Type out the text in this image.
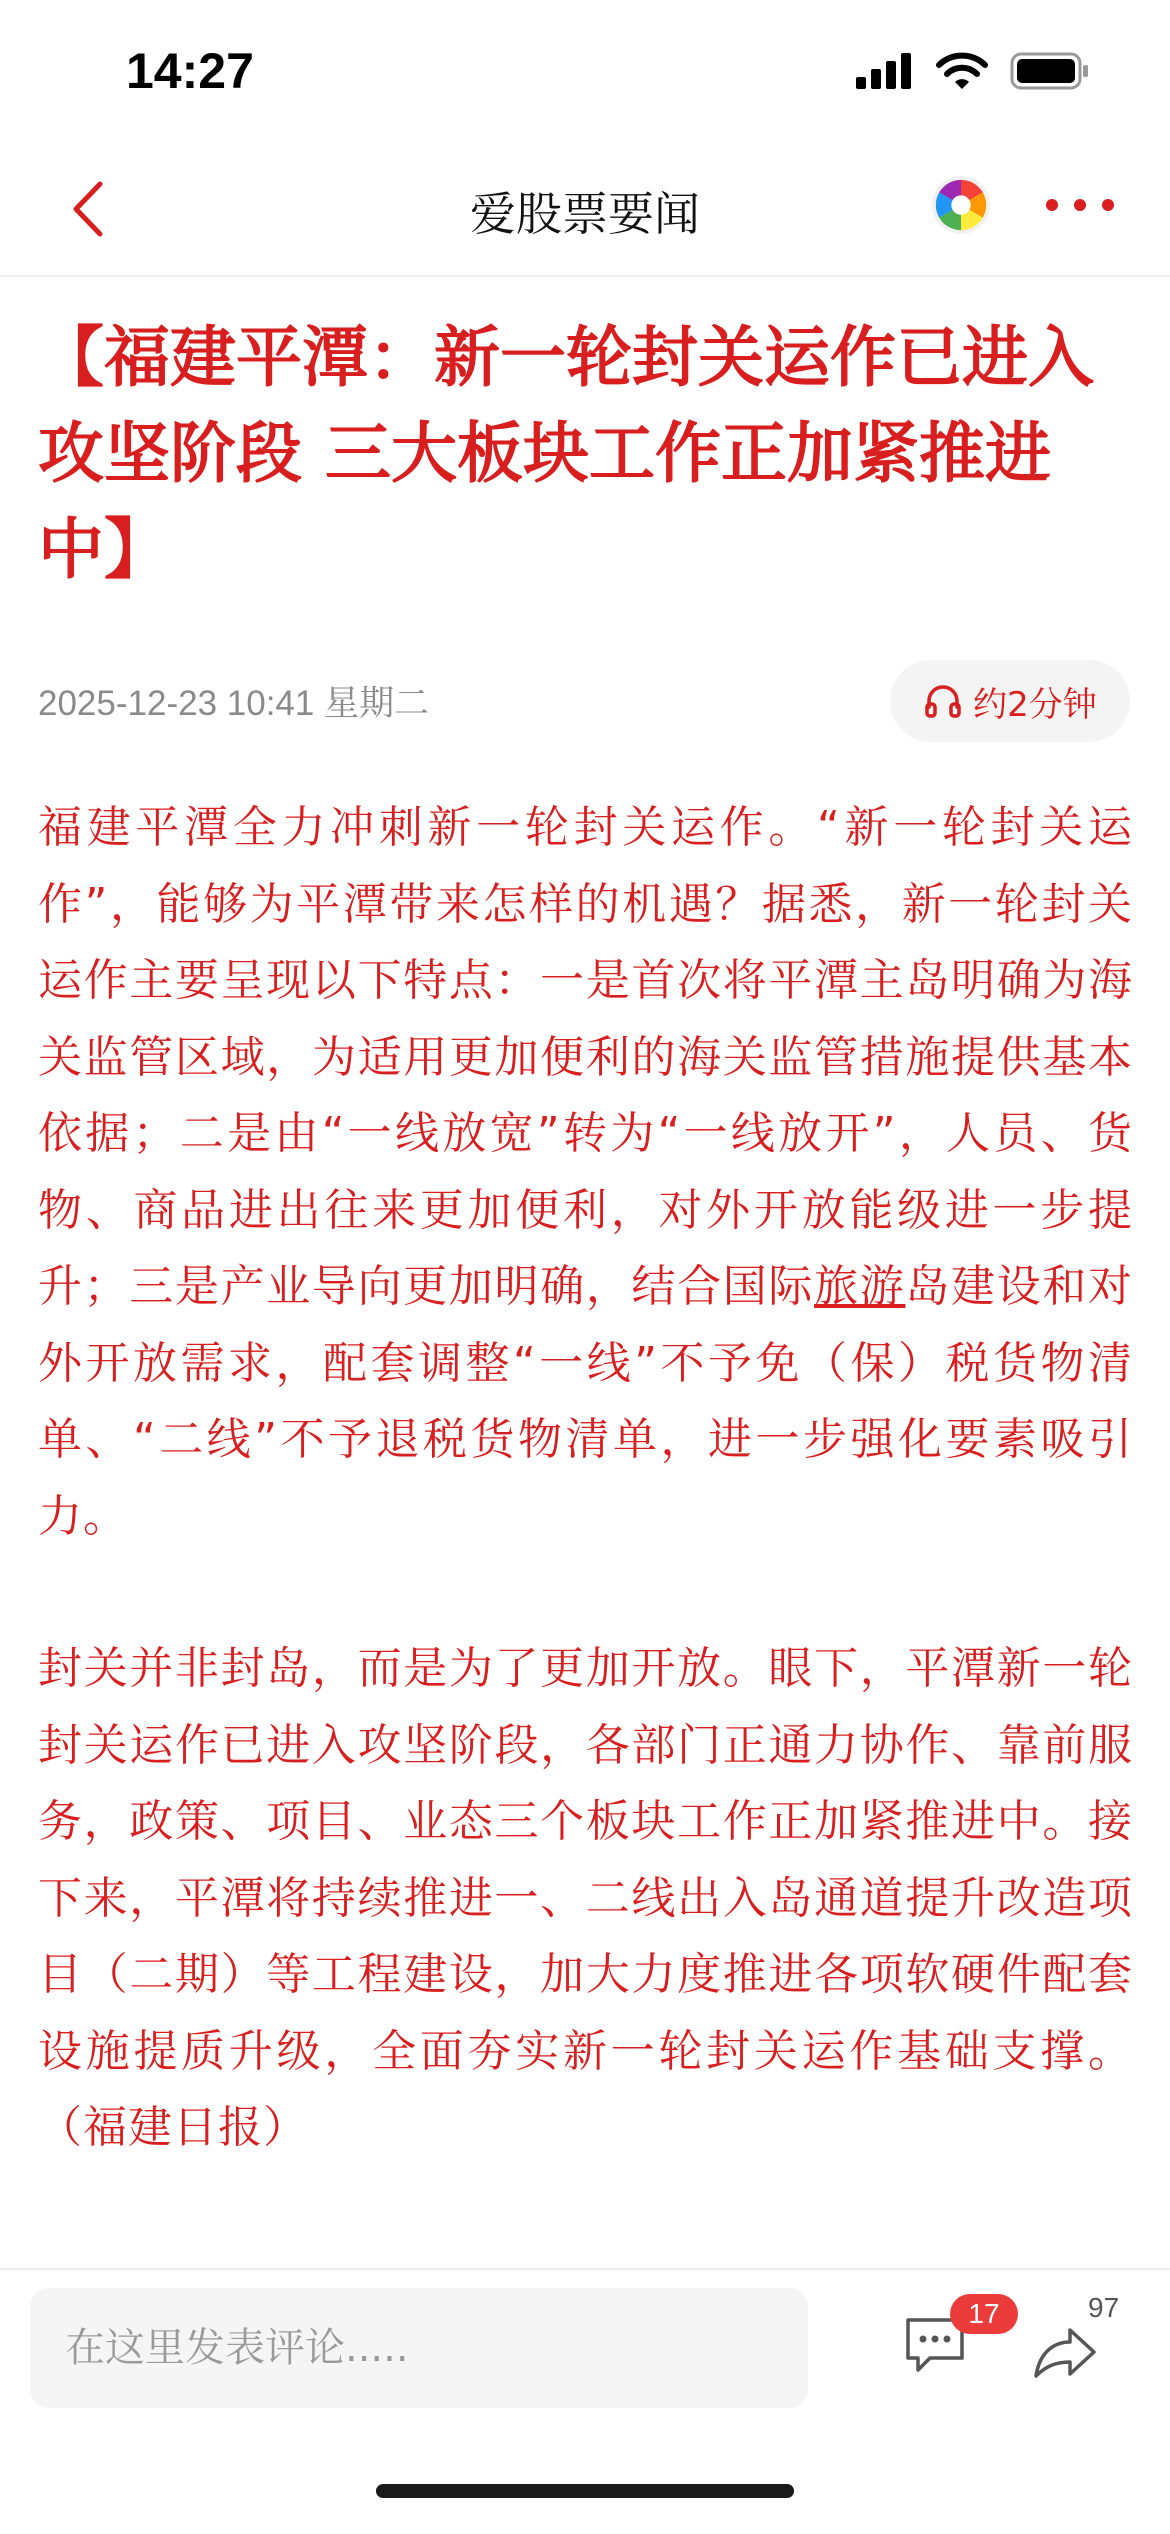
14:27
爱股票要闻
【福建平潭：新一轮封关运作已进入攻坚阶段 三大板块工作正加紧推进中】
2025-12-23 10:41 星期二	约2分钟

福建平潭全力冲刺新一轮封关运作。“新一轮封关运作”，能够为平潭带来怎样的机遇？据悉，新一轮封关运作主要呈现以下特点：一是首次将平潭主岛明确为海关监管区域，为适用更加便利的海关监管措施提供基本依据；二是由“一线放宽”转为“一线放开”，人员、货物、商品进出往来更加便利，对外开放能级进一步提升；三是产业导向更加明确，结合国际旅游岛建设和对外开放需求，配套调整“一线”不予免（保）税货物清单、“二线”不予退税货物清单，进一步强化要素吸引力。

封关并非封岛，而是为了更加开放。眼下，平潭新一轮封关运作已进入攻坚阶段，各部门正通力协作、靠前服务，政策、项目、业态三个板块工作正加紧推进中。接下来，平潭将持续推进一、二线出入岛通道提升改造项目（二期）等工程建设，加大力度推进各项软硬件配套设施提质升级，全面夯实新一轮封关运作基础支撑。（福建日报）

在这里发表评论.....
17	97
